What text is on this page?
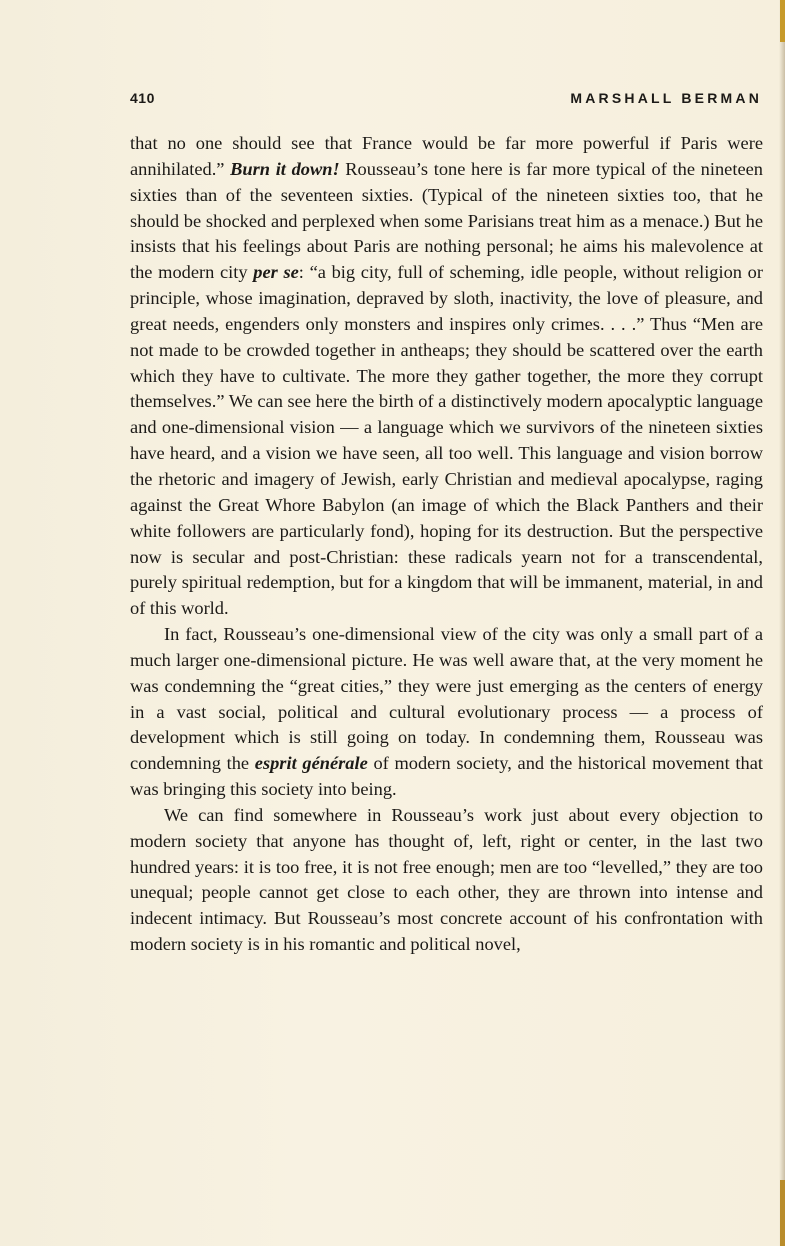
410	MARSHALL BERMAN

that no one should see that France would be far more powerful if Paris were annihilated.” Burn it down! Rousseau’s tone here is far more typical of the nineteen sixties than of the seventeen sixties. (Typical of the nineteen sixties too, that he should be shocked and perplexed when some Parisians treat him as a menace.) But he insists that his feelings about Paris are nothing personal; he aims his malevolence at the modern city per se: “a big city, full of scheming, idle people, without religion or principle, whose imagination, depraved by sloth, inactivity, the love of pleasure, and great needs, engenders only monsters and inspires only crimes. . . .” Thus “Men are not made to be crowded together in antheaps; they should be scattered over the earth which they have to cultivate. The more they gather together, the more they corrupt themselves.” We can see here the birth of a distinctively modern apocalyptic language and one-dimensional vision — a language which we survivors of the nineteen sixties have heard, and a vision we have seen, all too well. This language and vision borrow the rhetoric and imagery of Jewish, early Christian and medieval apocalypse, raging against the Great Whore Babylon (an image of which the Black Panthers and their white followers are particularly fond), hoping for its destruction. But the perspective now is secular and post-Christian: these radicals yearn not for a transcendental, purely spiritual redemption, but for a kingdom that will be immanent, material, in and of this world.

In fact, Rousseau’s one-dimensional view of the city was only a small part of a much larger one-dimensional picture. He was well aware that, at the very moment he was condemning the “great cities,” they were just emerging as the centers of energy in a vast social, political and cultural evolutionary process — a process of development which is still going on today. In condemning them, Rousseau was condemning the esprit générale of modern society, and the historical movement that was bringing this society into being.

We can find somewhere in Rousseau’s work just about every objection to modern society that anyone has thought of, left, right or center, in the last two hundred years: it is too free, it is not free enough; men are too “levelled,” they are too unequal; people cannot get close to each other, they are thrown into intense and indecent intimacy. But Rousseau’s most concrete account of his confrontation with modern society is in his romantic and political novel,
